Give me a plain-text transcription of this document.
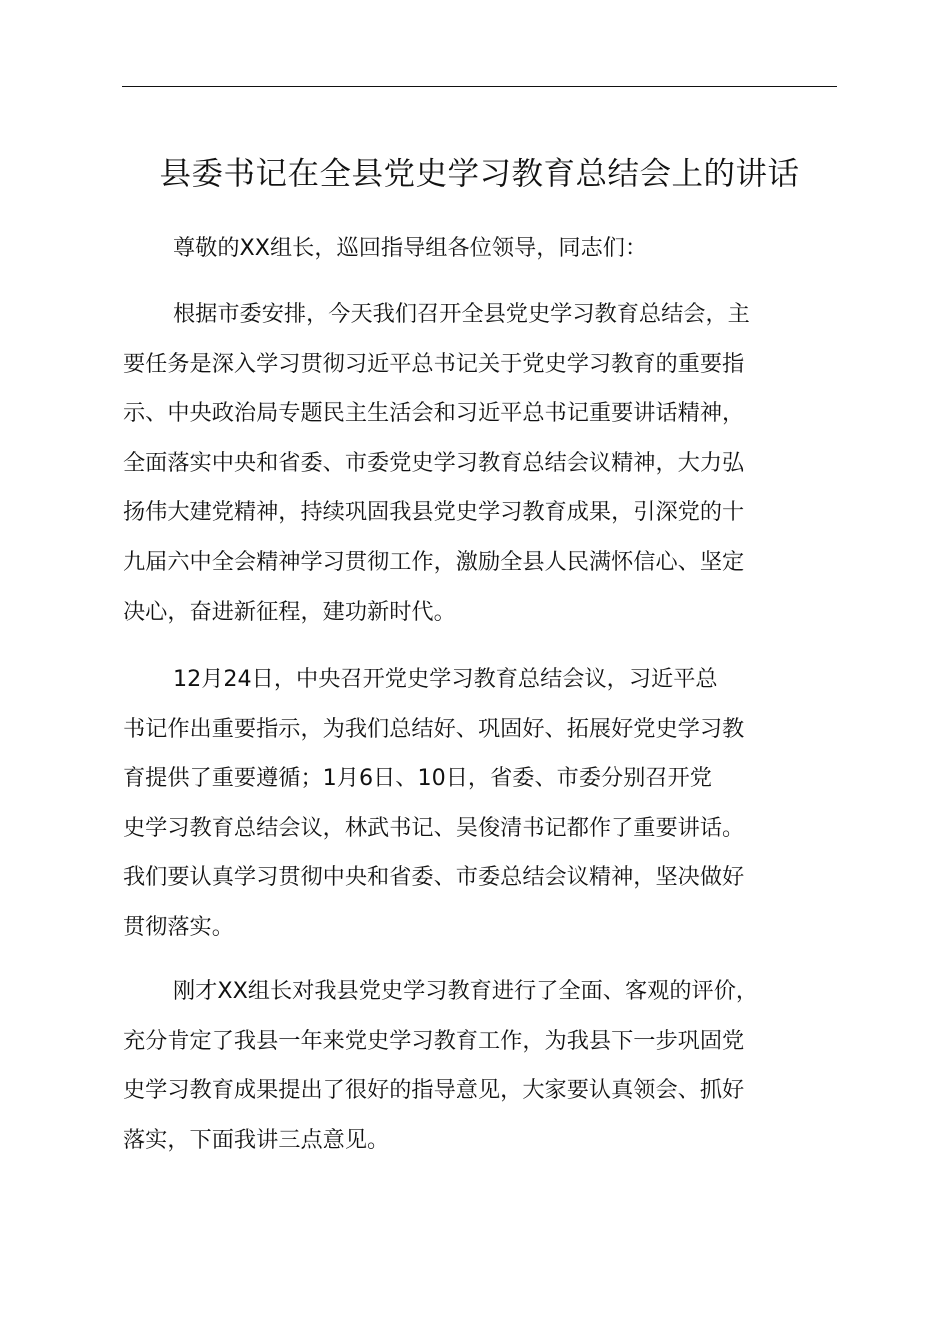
县委书记在全县党史学习教育总结会上的讲话

尊敬的XX组长，巡回指导组各位领导，同志们：

根据市委安排，今天我们召开全县党史学习教育总结会，主
要任务是深入学习贯彻习近平总书记关于党史学习教育的重要指
示、中央政治局专题民主生活会和习近平总书记重要讲话精神，
全面落实中央和省委、市委党史学习教育总结会议精神，大力弘
扬伟大建党精神，持续巩固我县党史学习教育成果，引深党的十
九届六中全会精神学习贯彻工作，激励全县人民满怀信心、坚定
决心，奋进新征程，建功新时代。

12月24日，中央召开党史学习教育总结会议，习近平总
书记作出重要指示，为我们总结好、巩固好、拓展好党史学习教
育提供了重要遵循；1月6日、10日，省委、市委分别召开党
史学习教育总结会议，林武书记、吴俊清书记都作了重要讲话。
我们要认真学习贯彻中央和省委、市委总结会议精神，坚决做好
贯彻落实。

刚才XX组长对我县党史学习教育进行了全面、客观的评价，
充分肯定了我县一年来党史学习教育工作，为我县下一步巩固党
史学习教育成果提出了很好的指导意见，大家要认真领会、抓好
落实，下面我讲三点意见。
